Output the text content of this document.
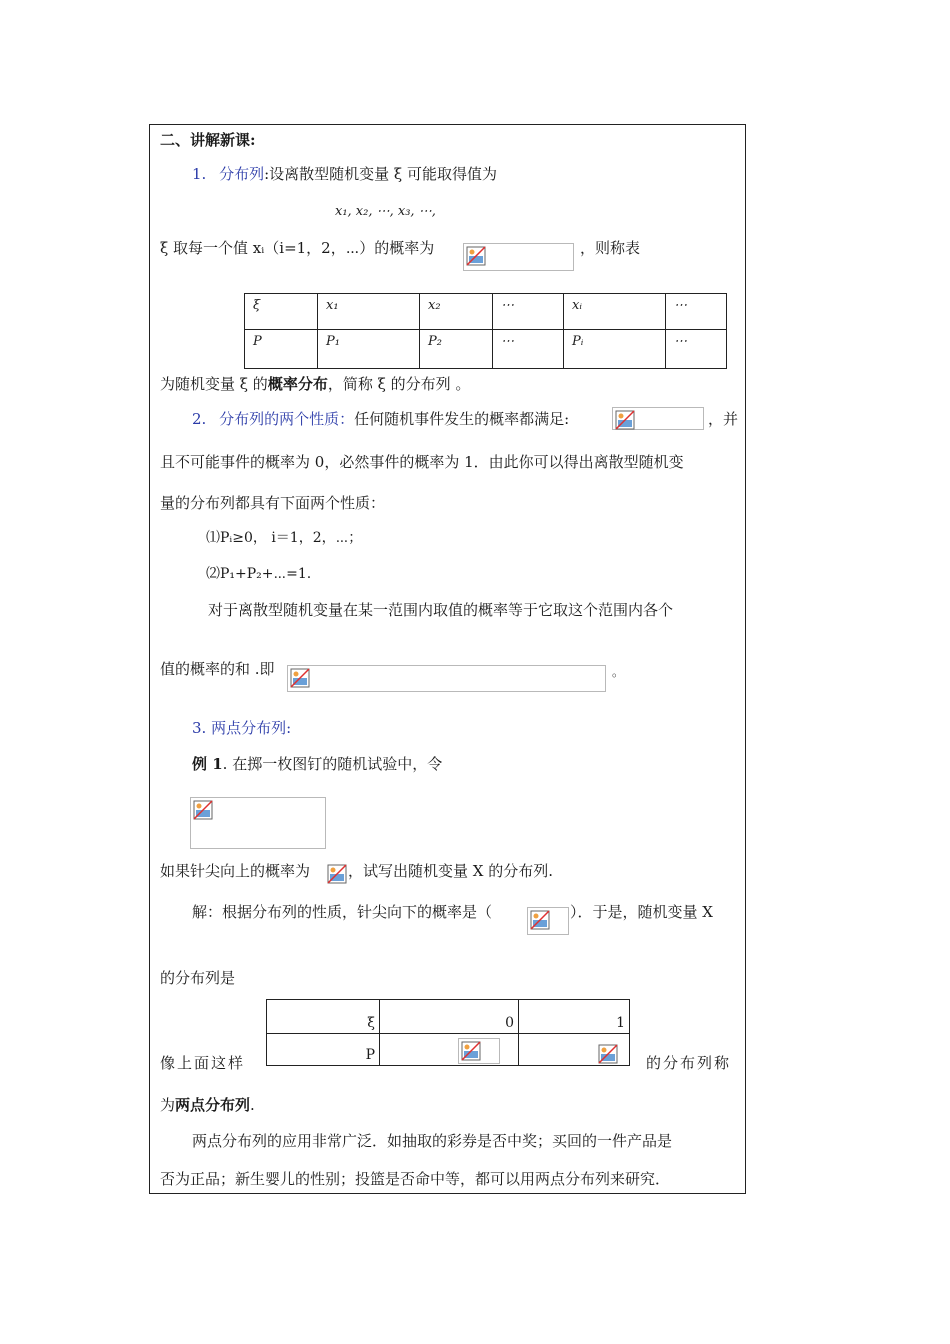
二、讲解新课:
1. 分布列:设离散型随机变量 ξ 可能取得值为
x₁, x₂, ⋯, x₃, ⋯,
ξ 取每一个值 xᵢ（i=1，2，⋯）的概率为	，则称表
ξ	x₁	x₂	⋯	xᵢ	⋯
P	P₁	P₂	⋯	Pᵢ	⋯
为随机变量 ξ 的概率分布，简称 ξ 的分布列 。
2. 分布列的两个性质：任何随机事件发生的概率都满足:	，并
且不可能事件的概率为 0，必然事件的概率为 1．由此你可以得出离散型随机变
量的分布列都具有下面两个性质：
⑴Pᵢ≥0， i＝1，2，⋯；
⑵P₁+P₂+⋯=1.
对于离散型随机变量在某一范围内取值的概率等于它取这个范围内各个
值的概率的和 .即	。
3. 两点分布列:
例 1. 在掷一枚图钉的随机试验中，令
如果针尖向上的概率为	，试写出随机变量 X 的分布列.
解：根据分布列的性质，针尖向下的概率是（	）．于是，随机变量 X
的分布列是
ξ	0	1
P		
像上面这样	的分布列称
为两点分布列.
两点分布列的应用非常广泛．如抽取的彩券是否中奖；买回的一件产品是
否为正品；新生婴儿的性别；投篮是否命中等，都可以用两点分布列来研究．
